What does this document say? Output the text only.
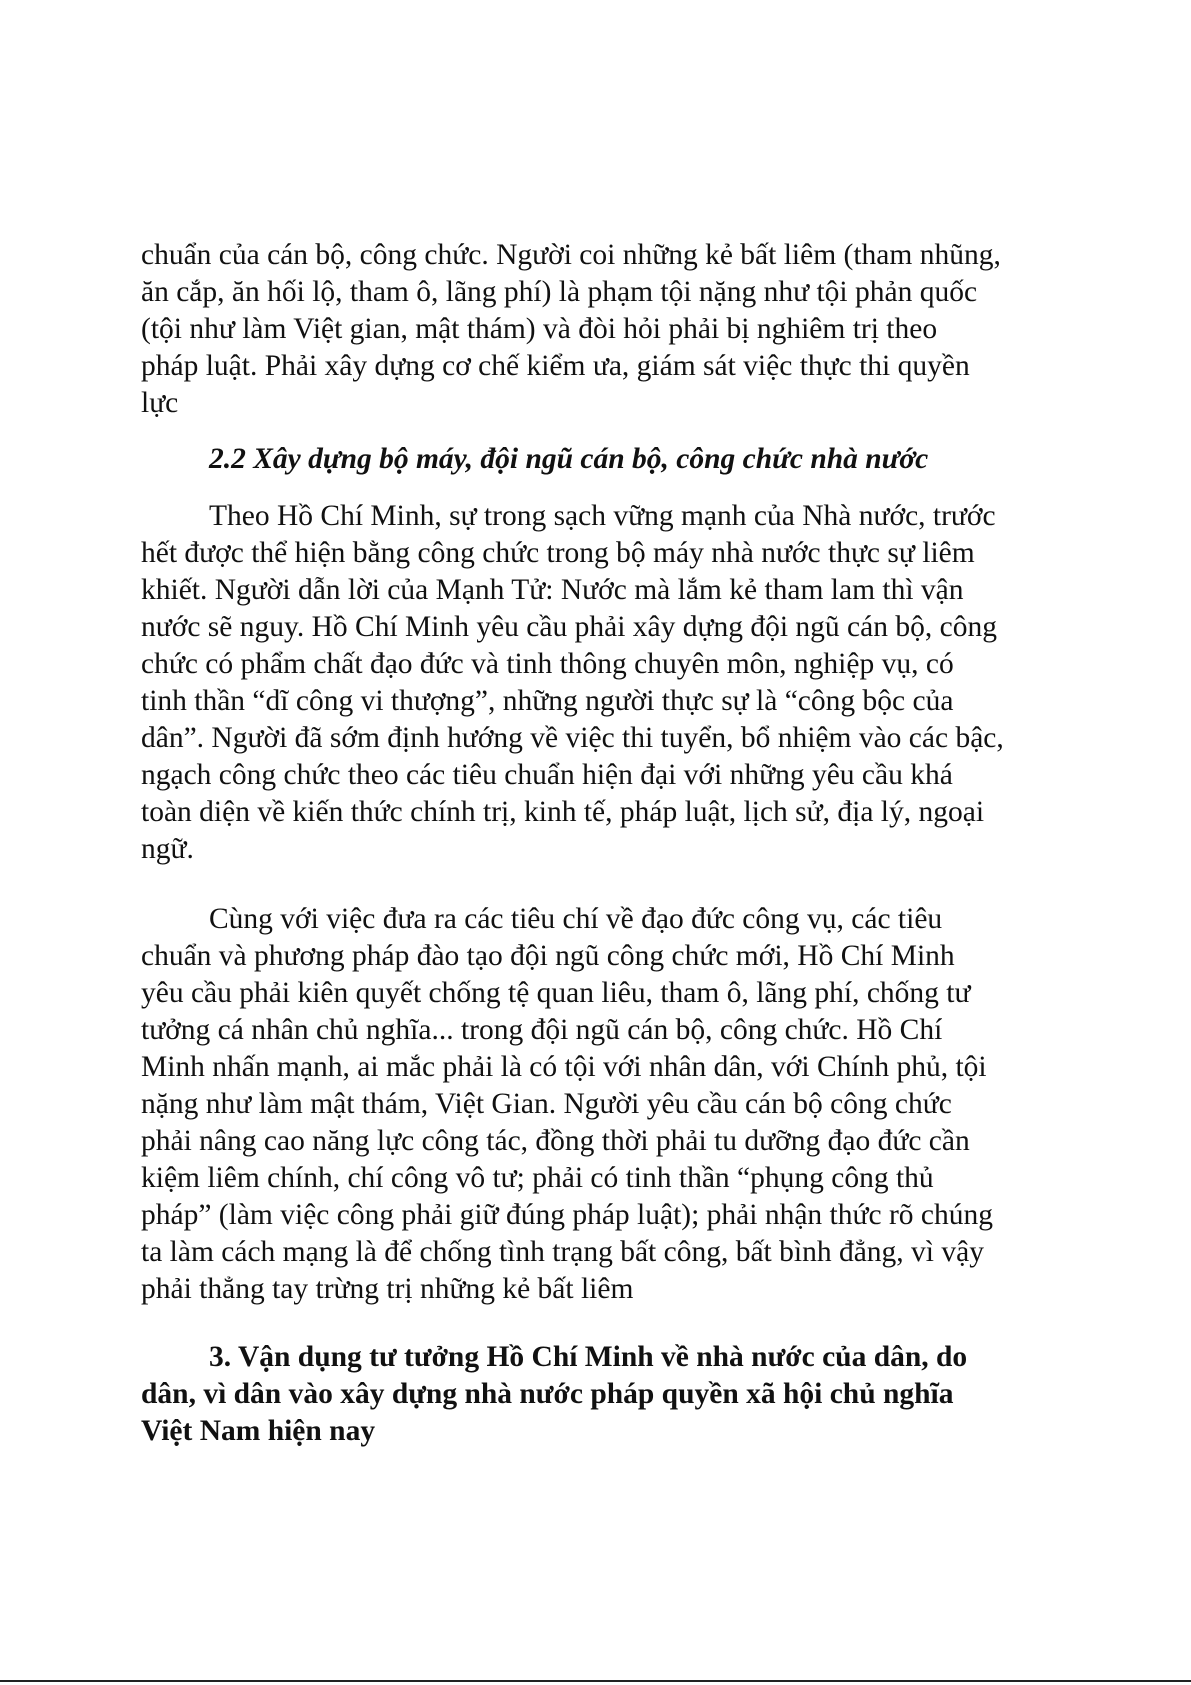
chuẩn của cán bộ, công chức. Người coi những kẻ bất liêm (tham nhũng,
ăn cắp, ăn hối lộ, tham ô, lãng phí) là phạm tội nặng như tội phản quốc
(tội như làm Việt gian, mật thám) và đòi hỏi phải bị nghiêm trị theo
pháp luật. Phải xây dựng cơ chế kiểm ưa, giám sát việc thực thi quyền
lực
2.2 Xây dựng bộ máy, đội ngũ cán bộ, công chức nhà nước
Theo Hồ Chí Minh, sự trong sạch vững mạnh của Nhà nước, trước
hết được thể hiện bằng công chức trong bộ máy nhà nước thực sự liêm
khiết. Người dẫn lời của Mạnh Tử: Nước mà lắm kẻ tham lam thì vận
nước sẽ nguy. Hồ Chí Minh yêu cầu phải xây dựng đội ngũ cán bộ, công
chức có phẩm chất đạo đức và tinh thông chuyên môn, nghiệp vụ, có
tinh thần “dĩ công vi thượng”, những người thực sự là “công bộc của
dân”. Người đã sớm định hướng về việc thi tuyển, bổ nhiệm vào các bậc,
ngạch công chức theo các tiêu chuẩn hiện đại với những yêu cầu khá
toàn diện về kiến thức chính trị, kinh tế, pháp luật, lịch sử, địa lý, ngoại
ngữ.
Cùng với việc đưa ra các tiêu chí về đạo đức công vụ, các tiêu
chuẩn và phương pháp đào tạo đội ngũ công chức mới, Hồ Chí Minh
yêu cầu phải kiên quyết chống tệ quan liêu, tham ô, lãng phí, chống tư
tưởng cá nhân chủ nghĩa... trong đội ngũ cán bộ, công chức. Hồ Chí
Minh nhấn mạnh, ai mắc phải là có tội với nhân dân, với Chính phủ, tội
nặng như làm mật thám, Việt Gian. Người yêu cầu cán bộ công chức
phải nâng cao năng lực công tác, đồng thời phải tu dưỡng đạo đức cần
kiệm liêm chính, chí công vô tư; phải có tinh thần “phụng công thủ
pháp” (làm việc công phải giữ đúng pháp luật); phải nhận thức rõ chúng
ta làm cách mạng là để chống tình trạng bất công, bất bình đẳng, vì vậy
phải thẳng tay trừng trị những kẻ bất liêm
3. Vận dụng tư tưởng Hồ Chí Minh về nhà nước của dân, do
dân, vì dân vào xây dựng nhà nước pháp quyền xã hội chủ nghĩa
Việt Nam hiện nay
